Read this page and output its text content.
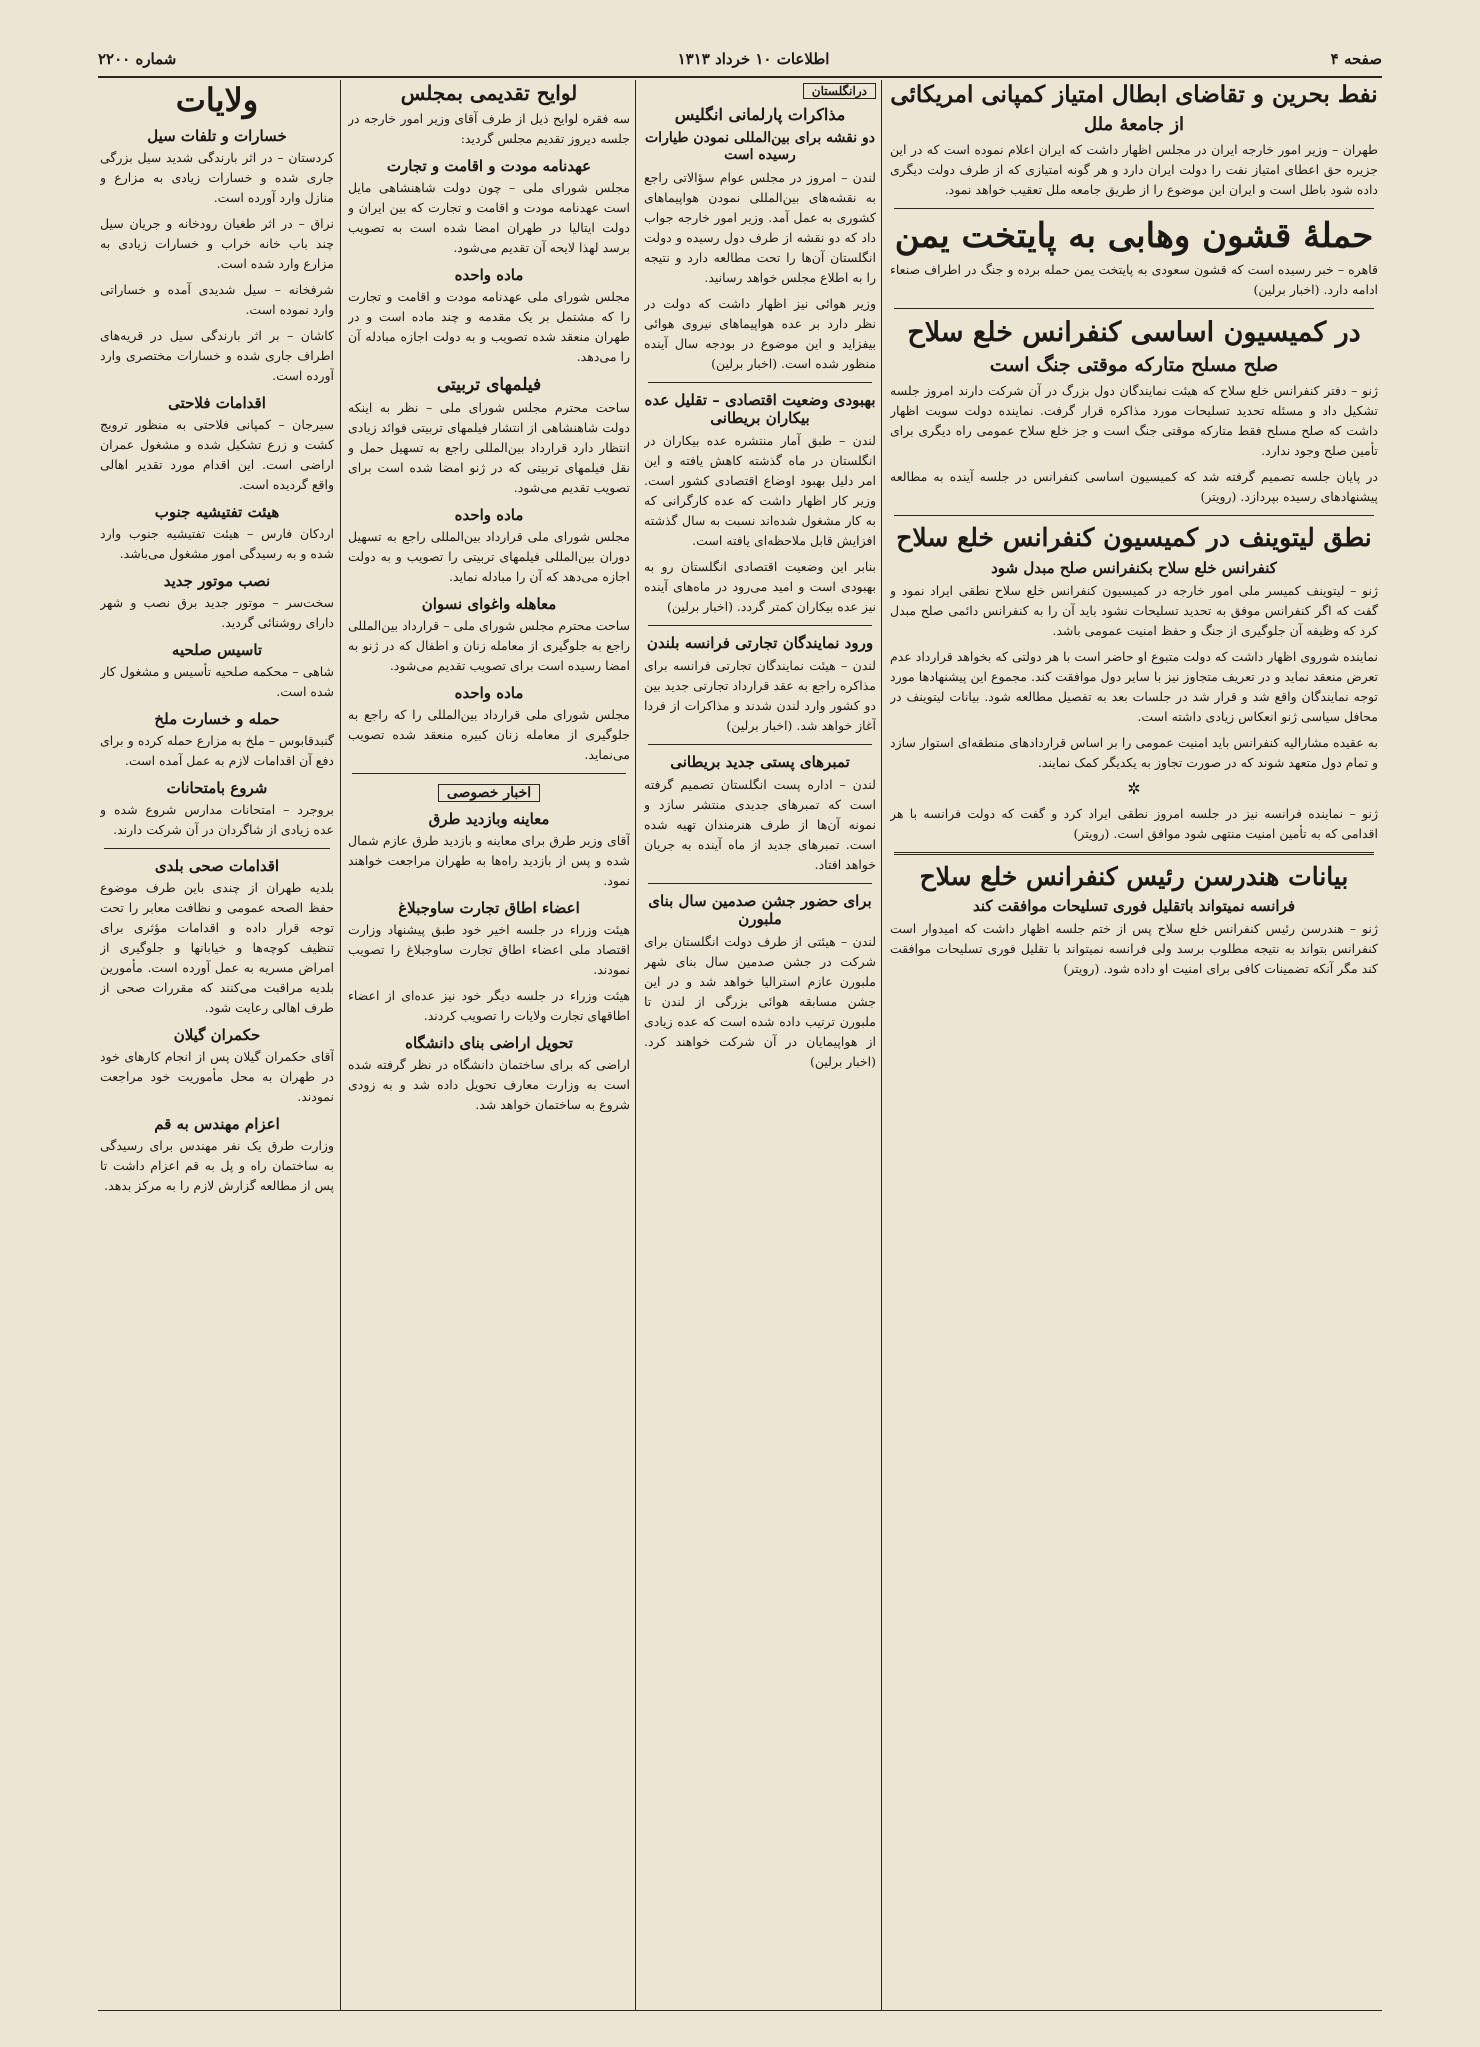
صفحه ۴
اطلاعات ۱۰ خرداد ۱۳۱۳
شماره ۲۲۰۰
نفط بحرین و تقاضای ابطال امتیاز کمپانی امریکائی
از جامعهٔ ملل

طهران – وزیر امور خارجه ایران در مجلس اظهار داشت که ایران اعلام نموده است که در این جزیره حق اعطای امتیاز نفت را دولت ایران دارد و هر گونه امتیازی که از طرف دولت دیگری داده شود باطل است و ایران این موضوع را از طریق جامعه ملل تعقیب خواهد نمود.

حملهٔ قشون وهابی به پایتخت یمن

قاهره – خبر رسیده است که قشون سعودی به پایتخت یمن حمله برده و جنگ در اطراف صنعاء ادامه دارد. (اخبار برلین)

در کمیسیون اساسی کنفرانس خلع سلاح
صلح مسلح متارکه موقتی جنگ است

ژنو – دفتر کنفرانس خلع سلاح که هیئت نمایندگان دول بزرگ در آن شرکت دارند امروز جلسه تشکیل داد و مسئله تحدید تسلیحات مورد مذاکره قرار گرفت. نماینده دولت سویت اظهار داشت که صلح مسلح فقط متارکه موقتی جنگ است و جز خلع سلاح عمومی راه دیگری برای تأمین صلح وجود ندارد.

در پایان جلسه تصمیم گرفته شد که کمیسیون اساسی کنفرانس در جلسه آینده به مطالعه پیشنهادهای رسیده بپردازد. (رویتر)

نطق لیتوینف در کمیسیون کنفرانس خلع سلاح
کنفرانس خلع سلاح بکنفرانس صلح مبدل شود

ژنو – لیتوینف کمیسر ملی امور خارجه در کمیسیون کنفرانس خلع سلاح نطقی ایراد نمود و گفت که اگر کنفرانس موفق به تحدید تسلیحات نشود باید آن را به کنفرانس دائمی صلح مبدل کرد که وظیفه آن جلوگیری از جنگ و حفظ امنیت عمومی باشد.

نماینده شوروی اظهار داشت که دولت متبوع او حاضر است با هر دولتی که بخواهد قرارداد عدم تعرض منعقد نماید و در تعریف متجاوز نیز با سایر دول موافقت کند. مجموع این پیشنهادها مورد توجه نمایندگان واقع شد و قرار شد در جلسات بعد به تفصیل مطالعه شود. بیانات لیتوینف در محافل سیاسی ژنو انعکاس زیادی داشته است.

به عقیده مشارالیه کنفرانس باید امنیت عمومی را بر اساس قراردادهای منطقه‌ای استوار سازد و تمام دول متعهد شوند که در صورت تجاوز به یکدیگر کمک نمایند.

✲

ژنو – نماینده فرانسه نیز در جلسه امروز نطقی ایراد کرد و گفت که دولت فرانسه با هر اقدامی که به تأمین امنیت منتهی شود موافق است. (رویتر)

بیانات هندرسن رئیس کنفرانس خلع سلاح
فرانسه نمیتواند باتقلیل فوری تسلیحات موافقت کند

ژنو – هندرسن رئیس کنفرانس خلع سلاح پس از ختم جلسه اظهار داشت که امیدوار است کنفرانس بتواند به نتیجه مطلوب برسد ولی فرانسه نمیتواند با تقلیل فوری تسلیحات موافقت کند مگر آنکه تضمینات کافی برای امنیت او داده شود. (رویتر)

درانگلستان
مذاکرات پارلمانی انگلیس
دو نقشه برای بین‌المللی نمودن طیارات رسیده است

لندن – امروز در مجلس عوام سؤالاتی راجع به نقشه‌های بین‌المللی نمودن هواپیماهای کشوری به عمل آمد. وزیر امور خارجه جواب داد که دو نقشه از طرف دول رسیده و دولت انگلستان آن‌ها را تحت مطالعه دارد و نتیجه را به اطلاع مجلس خواهد رسانید.

وزیر هوائی نیز اظهار داشت که دولت در نظر دارد بر عده هواپیماهای نیروی هوائی بیفزاید و این موضوع در بودجه سال آینده منظور شده است. (اخبار برلین)

بهبودی وضعیت اقتصادی – تقلیل عده بیکاران بریطانی

لندن – طبق آمار منتشره عده بیکاران در انگلستان در ماه گذشته کاهش یافته و این امر دلیل بهبود اوضاع اقتصادی کشور است. وزیر کار اظهار داشت که عده کارگرانی که به کار مشغول شده‌اند نسبت به سال گذشته افزایش قابل ملاحظه‌ای یافته است.

بنابر این وضعیت اقتصادی انگلستان رو به بهبودی است و امید می‌رود در ماه‌های آینده نیز عده بیکاران کمتر گردد. (اخبار برلین)

ورود نمایندگان تجارتی فرانسه بلندن

لندن – هیئت نمایندگان تجارتی فرانسه برای مذاکره راجع به عقد قرارداد تجارتی جدید بین دو کشور وارد لندن شدند و مذاکرات از فردا آغاز خواهد شد. (اخبار برلین)

تمبرهای پستی جدید بریطانی

لندن – اداره پست انگلستان تصمیم گرفته است که تمبرهای جدیدی منتشر سازد و نمونه آن‌ها از طرف هنرمندان تهیه شده است. تمبرهای جدید از ماه آینده به جریان خواهد افتاد.

برای حضور جشن صدمین سال بنای ملبورن

لندن – هیئتی از طرف دولت انگلستان برای شرکت در جشن صدمین سال بنای شهر ملبورن عازم استرالیا خواهد شد و در این جشن مسابقه هوائی بزرگی از لندن تا ملبورن ترتیب داده شده است که عده زیادی از هواپیمایان در آن شرکت خواهند کرد. (اخبار برلین)

لوایح تقدیمی بمجلس

سه فقره لوایح ذیل از طرف آقای وزیر امور خارجه در جلسه دیروز تقدیم مجلس گردید:

عهدنامه مودت و اقامت و تجارت

مجلس شورای ملی – چون دولت شاهنشاهی مایل است عهدنامه مودت و اقامت و تجارت که بین ایران و دولت ایتالیا در طهران امضا شده است به تصویب برسد لهذا لایحه آن تقدیم می‌شود.

ماده واحده

مجلس شورای ملی عهدنامه مودت و اقامت و تجارت را که مشتمل بر یک مقدمه و چند ماده است و در طهران منعقد شده تصویب و به دولت اجازه مبادله آن را می‌دهد.

فیلمهای تربیتی

ساحت محترم مجلس شورای ملی – نظر به اینکه دولت شاهنشاهی از انتشار فیلمهای تربیتی فوائد زیادی انتظار دارد قرارداد بین‌المللی راجع به تسهیل حمل و نقل فیلمهای تربیتی که در ژنو امضا شده است برای تصویب تقدیم می‌شود.

ماده واحده

مجلس شورای ملی قرارداد بین‌المللی راجع به تسهیل دوران بین‌المللی فیلمهای تربیتی را تصویب و به دولت اجازه می‌دهد که آن را مبادله نماید.

معاهله واغوای نسوان

ساحت محترم مجلس شورای ملی – قرارداد بین‌المللی راجع به جلوگیری از معامله زنان و اطفال که در ژنو به امضا رسیده است برای تصویب تقدیم می‌شود.

ماده واحده

مجلس شورای ملی قرارداد بین‌المللی را که راجع به جلوگیری از معامله زنان کبیره منعقد شده تصویب می‌نماید.

اخبار خصوصی
معاینه وبازدید طرق

آقای وزیر طرق برای معاینه و بازدید طرق عازم شمال شده و پس از بازدید راه‌ها به طهران مراجعت خواهند نمود.

اعضاء اطاق تجارت ساوجبلاغ

هیئت وزراء در جلسه اخیر خود طبق پیشنهاد وزارت اقتصاد ملی اعضاء اطاق تجارت ساوجبلاغ را تصویب نمودند.

هیئت وزراء در جلسه دیگر خود نیز عده‌ای از اعضاء اطاقهای تجارت ولایات را تصویب کردند.

تحویل اراضی بنای دانشگاه

اراضی که برای ساختمان دانشگاه در نظر گرفته شده است به وزارت معارف تحویل داده شد و به زودی شروع به ساختمان خواهد شد.

ولایات
خسارات و تلفات سیل

کردستان – در اثر بارندگی شدید سیل بزرگی جاری شده و خسارات زیادی به مزارع و منازل وارد آورده است.

نراق – در اثر طغیان رودخانه و جریان سیل چند باب خانه خراب و خسارات زیادی به مزارع وارد شده است.

شرفخانه – سیل شدیدی آمده و خساراتی وارد نموده است.

کاشان – بر اثر بارندگی سیل در قریه‌های اطراف جاری شده و خسارات مختصری وارد آورده است.

اقدامات فلاحتی

سیرجان – کمپانی فلاحتی به منظور ترویج کشت و زرع تشکیل شده و مشغول عمران اراضی است. این اقدام مورد تقدیر اهالی واقع گردیده است.

هیئت تفتیشیه جنوب

اردکان فارس – هیئت تفتیشیه جنوب وارد شده و به رسیدگی امور مشغول می‌باشد.

نصب موتور جدید

سخت‌سر – موتور جدید برق نصب و شهر دارای روشنائی گردید.

تاسیس صلحیه

شاهی – محکمه صلحیه تأسیس و مشغول کار شده است.

حمله و خسارت ملخ

گنبدقابوس – ملخ به مزارع حمله کرده و برای دفع آن اقدامات لازم به عمل آمده است.

شروع بامتحانات

بروجرد – امتحانات مدارس شروع شده و عده زیادی از شاگردان در آن شرکت دارند.

اقدامات صحی بلدی

بلدیه طهران از چندی باین طرف موضوع حفظ الصحه عمومی و نظافت معابر را تحت توجه قرار داده و اقدامات مؤثری برای تنظیف کوچه‌ها و خیابانها و جلوگیری از امراض مسریه به عمل آورده است. مأمورین بلدیه مراقبت می‌کنند که مقررات صحی از طرف اهالی رعایت شود.

حکمران گیلان

آقای حکمران گیلان پس از انجام کارهای خود در طهران به محل مأموریت خود مراجعت نمودند.

اعزام مهندس به قم

وزارت طرق یک نفر مهندس برای رسیدگی به ساختمان راه و پل به قم اعزام داشت تا پس از مطالعه گزارش لازم را به مرکز بدهد.
